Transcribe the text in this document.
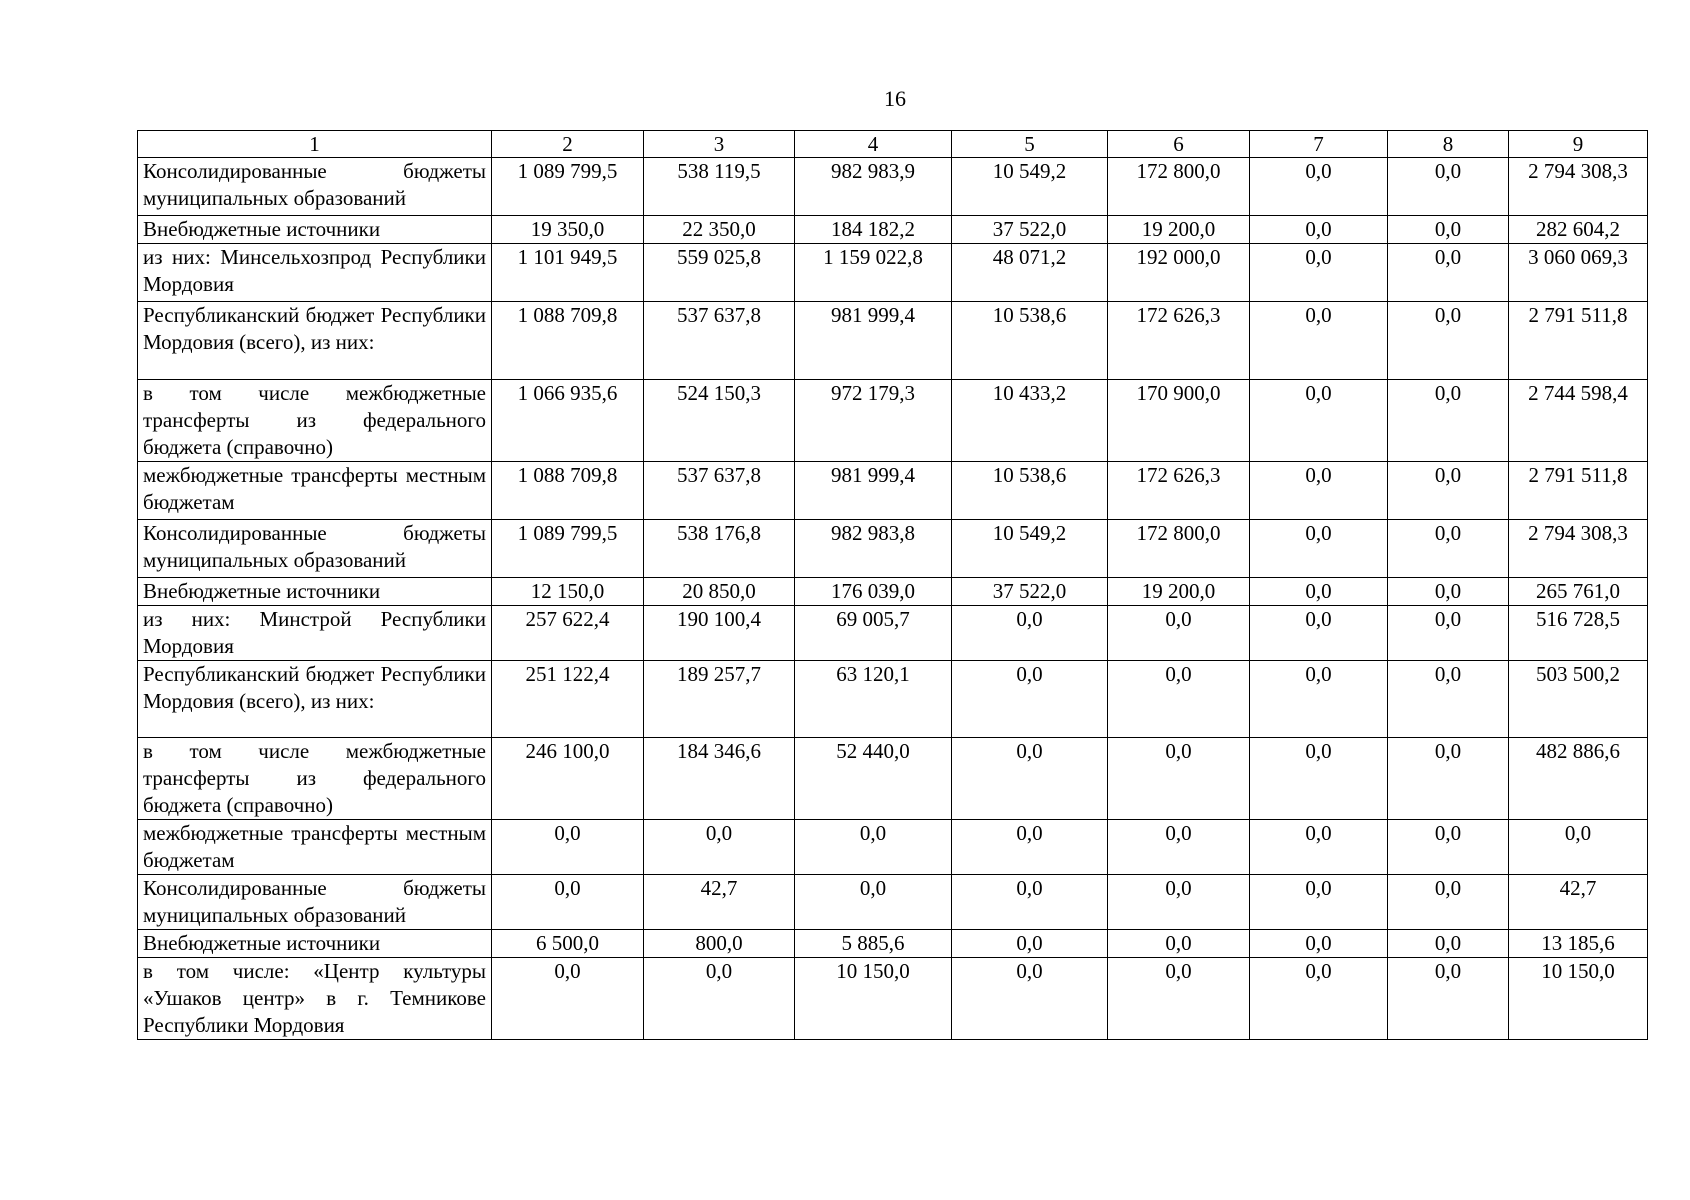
16
1	2	3	4	5	6	7	8	9
Консолидированные бюджеты муниципальных образований	1 089 799,5	538 119,5	982 983,9	10 549,2	172 800,0	0,0	0,0	2 794 308,3
Внебюджетные источники	19 350,0	22 350,0	184 182,2	37 522,0	19 200,0	0,0	0,0	282 604,2
из них: Минсельхозпрод Республики Мордовия	1 101 949,5	559 025,8	1 159 022,8	48 071,2	192 000,0	0,0	0,0	3 060 069,3
Республиканский бюджет Республики Мордовия (всего), из них:	1 088 709,8	537 637,8	981 999,4	10 538,6	172 626,3	0,0	0,0	2 791 511,8
в том числе межбюджетные трансферты из федерального бюджета (справочно)	1 066 935,6	524 150,3	972 179,3	10 433,2	170 900,0	0,0	0,0	2 744 598,4
межбюджетные трансферты местным бюджетам	1 088 709,8	537 637,8	981 999,4	10 538,6	172 626,3	0,0	0,0	2 791 511,8
Консолидированные бюджеты муниципальных образований	1 089 799,5	538 176,8	982 983,8	10 549,2	172 800,0	0,0	0,0	2 794 308,3
Внебюджетные источники	12 150,0	20 850,0	176 039,0	37 522,0	19 200,0	0,0	0,0	265 761,0
из них: Минстрой Республики Мордовия	257 622,4	190 100,4	69 005,7	0,0	0,0	0,0	0,0	516 728,5
Республиканский бюджет Республики Мордовия (всего), из них:	251 122,4	189 257,7	63 120,1	0,0	0,0	0,0	0,0	503 500,2
в том числе межбюджетные трансферты из федерального бюджета (справочно)	246 100,0	184 346,6	52 440,0	0,0	0,0	0,0	0,0	482 886,6
межбюджетные трансферты местным бюджетам	0,0	0,0	0,0	0,0	0,0	0,0	0,0	0,0
Консолидированные бюджеты муниципальных образований	0,0	42,7	0,0	0,0	0,0	0,0	0,0	42,7
Внебюджетные источники	6 500,0	800,0	5 885,6	0,0	0,0	0,0	0,0	13 185,6
в том числе: «Центр культуры «Ушаков центр» в г. Темникове Республики Мордовия	0,0	0,0	10 150,0	0,0	0,0	0,0	0,0	10 150,0
